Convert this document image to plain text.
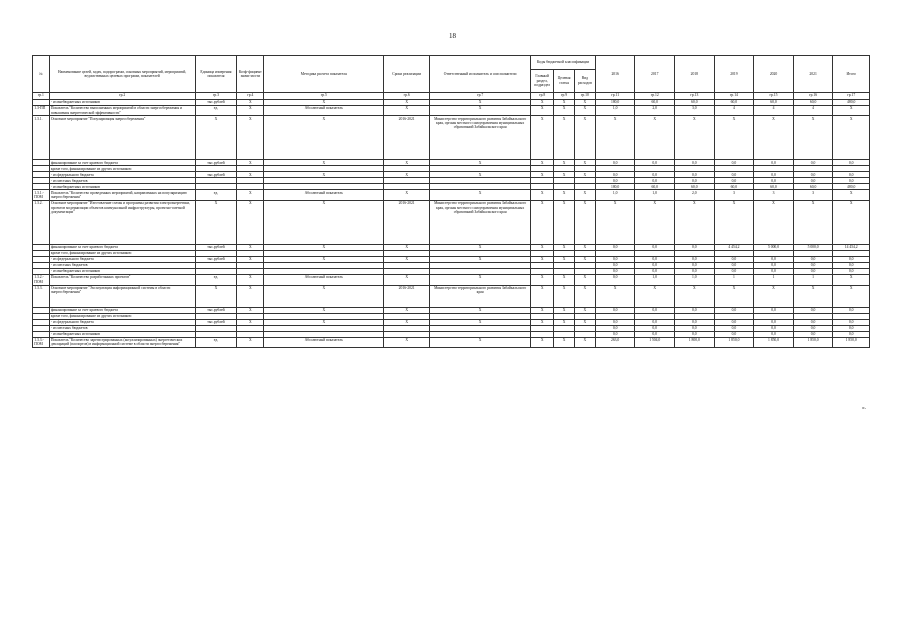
18
№	Наименование целей, задач, подпрограмм, основных мероприятий, мероприятий, ведомственных целевых программ, показателей	Единица измерения показателя	Коэф-фициент значи-мости	Методика расчета показателя	Сроки реализации	Ответственный исполнитель и соисполнители	Коды бюджетной классификации			2016	2017	2018	2019	2020	2021	Итого
							Главный раздел, подраздел	Целевая статья	Вид расходов							
гр.1	гр.2	гр.3	гр.4	гр.5	гр.6	гр.7	гр.8	гр.9	гр.10	гр.11	гр.12	гр.13	гр.14	гр.15	гр.16	гр.17
	- из внебюджетных источников	тыс.рублей	X	X	X	X	X	X	X	180,0	60,0	60,0	60,0	60,0	60,0	480,0
1.3-ПП	Показатель "Количество выполненных мероприятий в области энергосбережения и повышения энергетической эффективности"	ед.	X	Абсолютный показатель	X	X	X	X	X	1,0	2,0	3,0	4	4	4	X
1.3.1.	Основное мероприятие "Популяризация энергосбережения"	X	X	X	2016-2021	Министерство территориального развития Забайкальского края, органы местного самоуправления муниципальных образований Забайкальского края	X	X	X	X	X	X	X	X	X	X
	финансирование за счет краевого бюджета	тыс.рублей	X	X	X	X	X	X	X	0,0	0,0	0,0	0,0	0,0	0,0	0,0
	кроме того, финансирование из других источников:															
	- из федерального бюджета	тыс.рублей	X	X	X	X	X	X	X	0,0	0,0	0,0	0,0	0,0	0,0	0,0
	- из местных бюджетов									0,0	0,0	0,0	0,0	0,0	0,0	0,0
	- из внебюджетных источников									180,0	60,0	60,0	60,0	60,0	60,0	480,0
1.3.1.-ПОМ	Показатель "Количество проведенных мероприятий, направленных на популяризацию энергосбережения"	ед.	X	Абсолютный показатель	X	X	X	X	X	1,0	1,0	2,0	3	3	3	X
1.3.2.	Основное мероприятие "Изготовление схемы и программы развития электроэнергетики, проектов модернизации объектов коммунальной инфраструктуры, проектно-сметной документации"	X	X	X	2016-2021	Министерство территориального развития Забайкальского края, органы местного самоуправления муниципальных образований Забайкальского края	X	X	X	X	X	X	X	X	X	X
	финансирование за счет краевого бюджета	тыс.рублей	X	X	X	X	X	X	X	0,0	0,0	0,0	4 454,2	5 000,0	5 000,0	14 454,2
	кроме того, финансирование из других источников:															
	- из федерального бюджета	тыс.рублей	X	X	X	X	X	X	X	0,0	0,0	0,0	0,0	0,0	0,0	0,0
	- из местных бюджетов									0,0	0,0	0,0	0,0	0,0	0,0	0,0
	- из внебюджетных источников									0,0	0,0	0,0	0,0	0,0	0,0	0,0
1.3.2.-ПОМ	Показатель "Количество разработанных проектов"	ед.	X	Абсолютный показатель	X	X	X	X	X	0,0	1,0	1,0	1	1	1	X
1.3.3.	Основное мероприятие "Эксплуатация информационной системы в области энергосбережения"	X	X	X	2016-2021	Министерство территориального развития Забайкальского края	X	X	X	X	X	X	X	X	X	X
	финансирование за счет краевого бюджета	тыс.рублей	X	X	X	X	X	X	X	0,0	0,0	0,0	0,0	0,0	0,0	0,0
	кроме того, финансирование из других источников:															
	- из федерального бюджета	тыс.рублей	X	X	X	X	X	X	X	0,0	0,0	0,0	0,0	0,0	0,0	0,0
	- из местных бюджетов									0,0	0,0	0,0	0,0	0,0	0,0	0,0
	- из внебюджетных источников									0,0	0,0	0,0	0,0	0,0	0,0	0,0
1.3.3.-ПОМ	Показатель "Количество зарегистрированных (актуализированных) энергетических деклараций (паспортов) в информационной системе в области энергосбережения"	ед.	X	Абсолютный показатель	X	X	X	X	X	263,0	1 504,0	1 800,0	1 850,0	1 850,0	1 850,0	1 850,0
».
